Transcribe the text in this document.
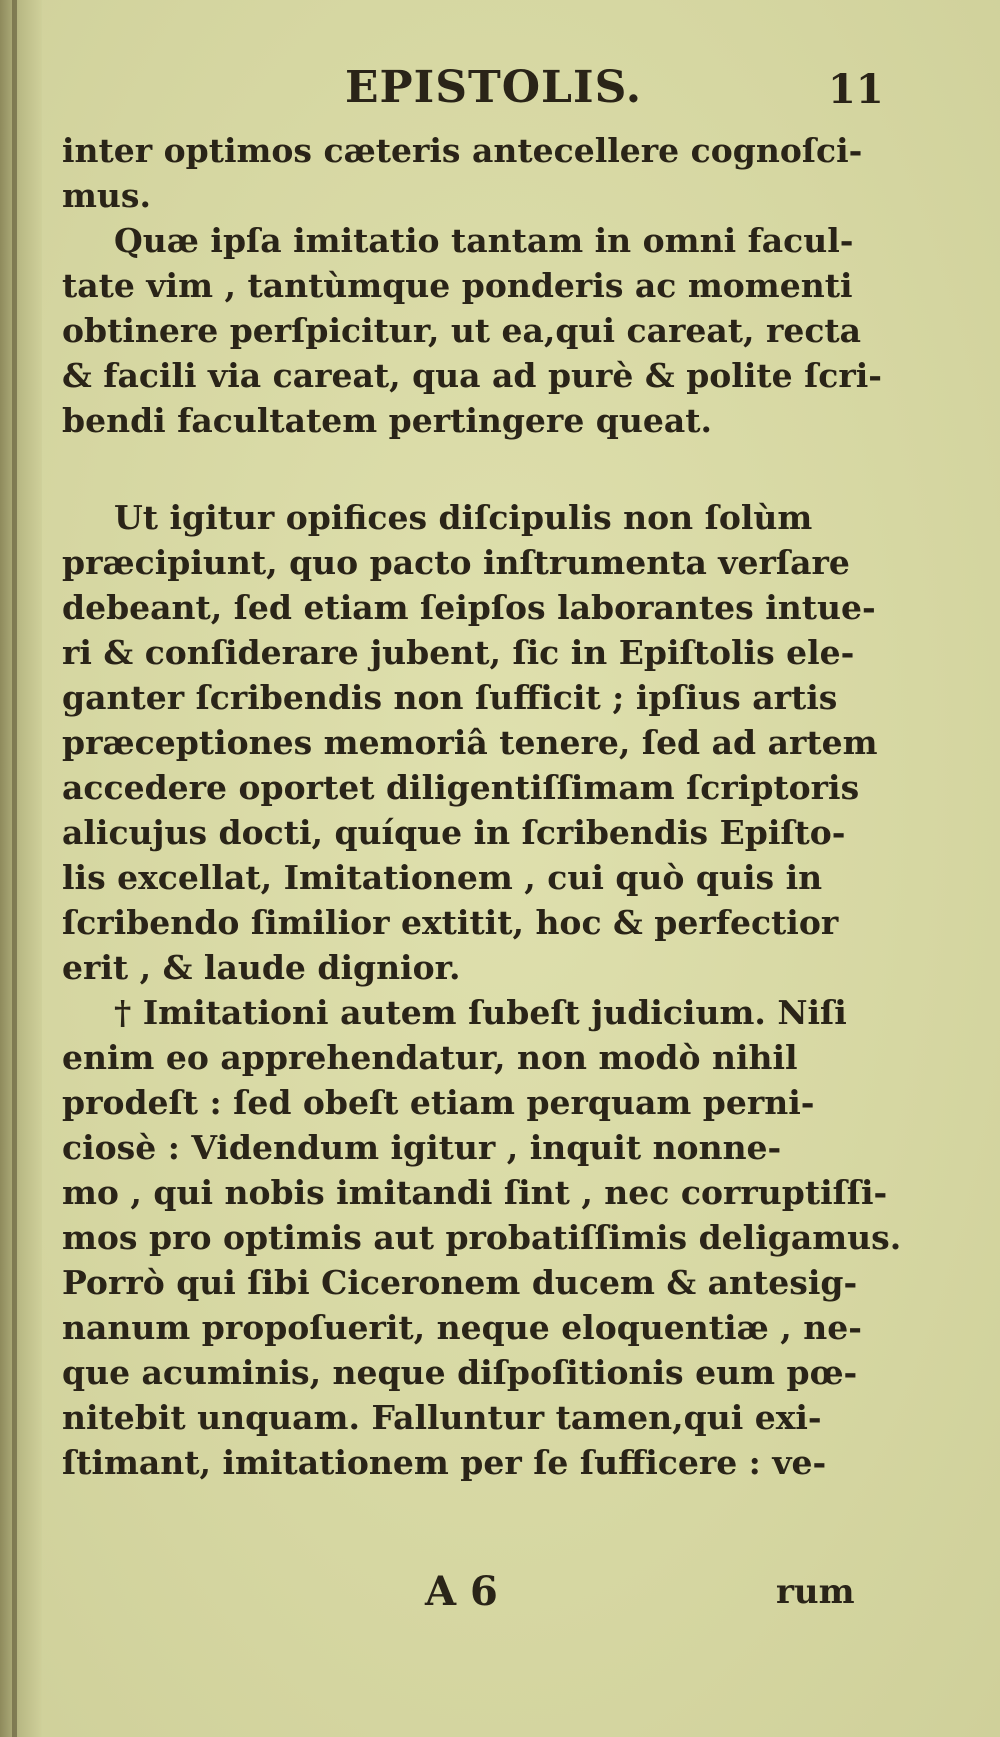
EPISTOLIS.	11

inter optimos cæteris antecellere cognoſci-
mus.

Quæ ipſa imitatio tantam in omni facul-
tate vim , tantùmque ponderis ac momenti
obtinere perſpicitur, ut ea,qui careat, recta
& facili via careat, qua ad purè & polite ſcri-
bendi facultatem pertingere queat.

Ut igitur opifices diſcipulis non ſolùm
præcipiunt, quo pacto inſtrumenta verſare
debeant, ſed etiam ſeipſos laborantes intue-
ri & conſiderare jubent, ſic in Epiſtolis ele-
ganter ſcribendis non ſufficit ; ipſius artis
præceptiones memoriâ tenere, ſed ad artem
accedere oportet diligentiſſimam ſcriptoris
alicujus docti, quíque in ſcribendis Epiſto-
lis excellat, Imitationem , cui quò quis in
ſcribendo ſimilior extitit, hoc & perfectior
erit , & laude dignior.

† Imitationi autem ſubeſt judicium. Niſi
enim eo apprehendatur, non modò nihil
prodeſt : ſed obeſt etiam perquam perni-
ciosè : Videndum igitur , inquit nonne-
mo , qui nobis imitandi ſint , nec corruptiſſi-
mos pro optimis aut probatiſſimis deligamus.
Porrò qui ſibi Ciceronem ducem & antesig-
nanum propoſuerit, neque eloquentiæ , ne-
que acuminis, neque diſpoſitionis eum pœ-
nitebit unquam. Falluntur tamen,qui exi-
ſtimant, imitationem per ſe ſufficere : ve-

A 6	rum
